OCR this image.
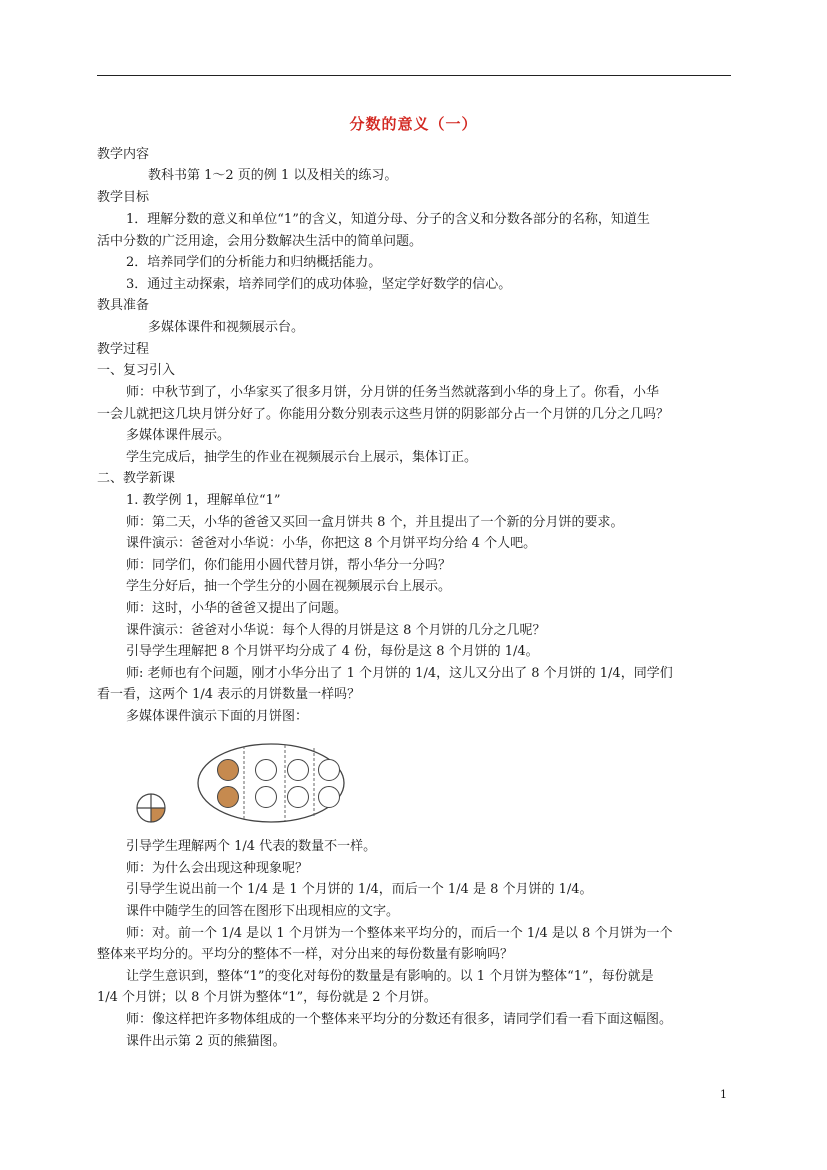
分数的意义（一）
教学内容
教科书第 1～2 页的例 1 以及相关的练习。
教学目标
1．理解分数的意义和单位“1”的含义，知道分母、分子的含义和分数各部分的名称，知道生
活中分数的广泛用途，会用分数解决生活中的简单问题。
2．培养同学们的分析能力和归纳概括能力。
3．通过主动探索，培养同学们的成功体验，坚定学好数学的信心。
教具准备
多媒体课件和视频展示台。
教学过程
一、复习引入
师：中秋节到了，小华家买了很多月饼，分月饼的任务当然就落到小华的身上了。你看，小华
一会儿就把这几块月饼分好了。你能用分数分别表示这些月饼的阴影部分占一个月饼的几分之几吗？
多媒体课件展示。
学生完成后，抽学生的作业在视频展示台上展示，集体订正。
二、教学新课
1. 教学例 1，理解单位“1”
师：第二天，小华的爸爸又买回一盒月饼共 8 个，并且提出了一个新的分月饼的要求。
课件演示：爸爸对小华说：小华，你把这 8 个月饼平均分给 4 个人吧。
师：同学们，你们能用小圆代替月饼，帮小华分一分吗？
学生分好后，抽一个学生分的小圆在视频展示台上展示。
师：这时，小华的爸爸又提出了问题。
课件演示：爸爸对小华说：每个人得的月饼是这 8 个月饼的几分之几呢？
引导学生理解把 8 个月饼平均分成了 4 份，每份是这 8 个月饼的 1/4。
师: 老师也有个问题，刚才小华分出了 1 个月饼的 1/4，这儿又分出了 8 个月饼的 1/4，同学们
看一看，这两个 1/4 表示的月饼数量一样吗？
多媒体课件演示下面的月饼图：
引导学生理解两个 1/4 代表的数量不一样。
师：为什么会出现这种现象呢？
引导学生说出前一个 1/4 是 1 个月饼的 1/4，而后一个 1/4 是 8 个月饼的 1/4。
课件中随学生的回答在图形下出现相应的文字。
师：对。前一个 1/4 是以 1 个月饼为一个整体来平均分的，而后一个 1/4 是以 8 个月饼为一个
整体来平均分的。平均分的整体不一样，对分出来的每份数量有影响吗？
让学生意识到，整体“1”的变化对每份的数量是有影响的。以 1 个月饼为整体“1”，每份就是
1/4 个月饼；以 8 个月饼为整体“1”，每份就是 2 个月饼。
师：像这样把许多物体组成的一个整体来平均分的分数还有很多，请同学们看一看下面这幅图。
课件出示第 2 页的熊猫图。
1
